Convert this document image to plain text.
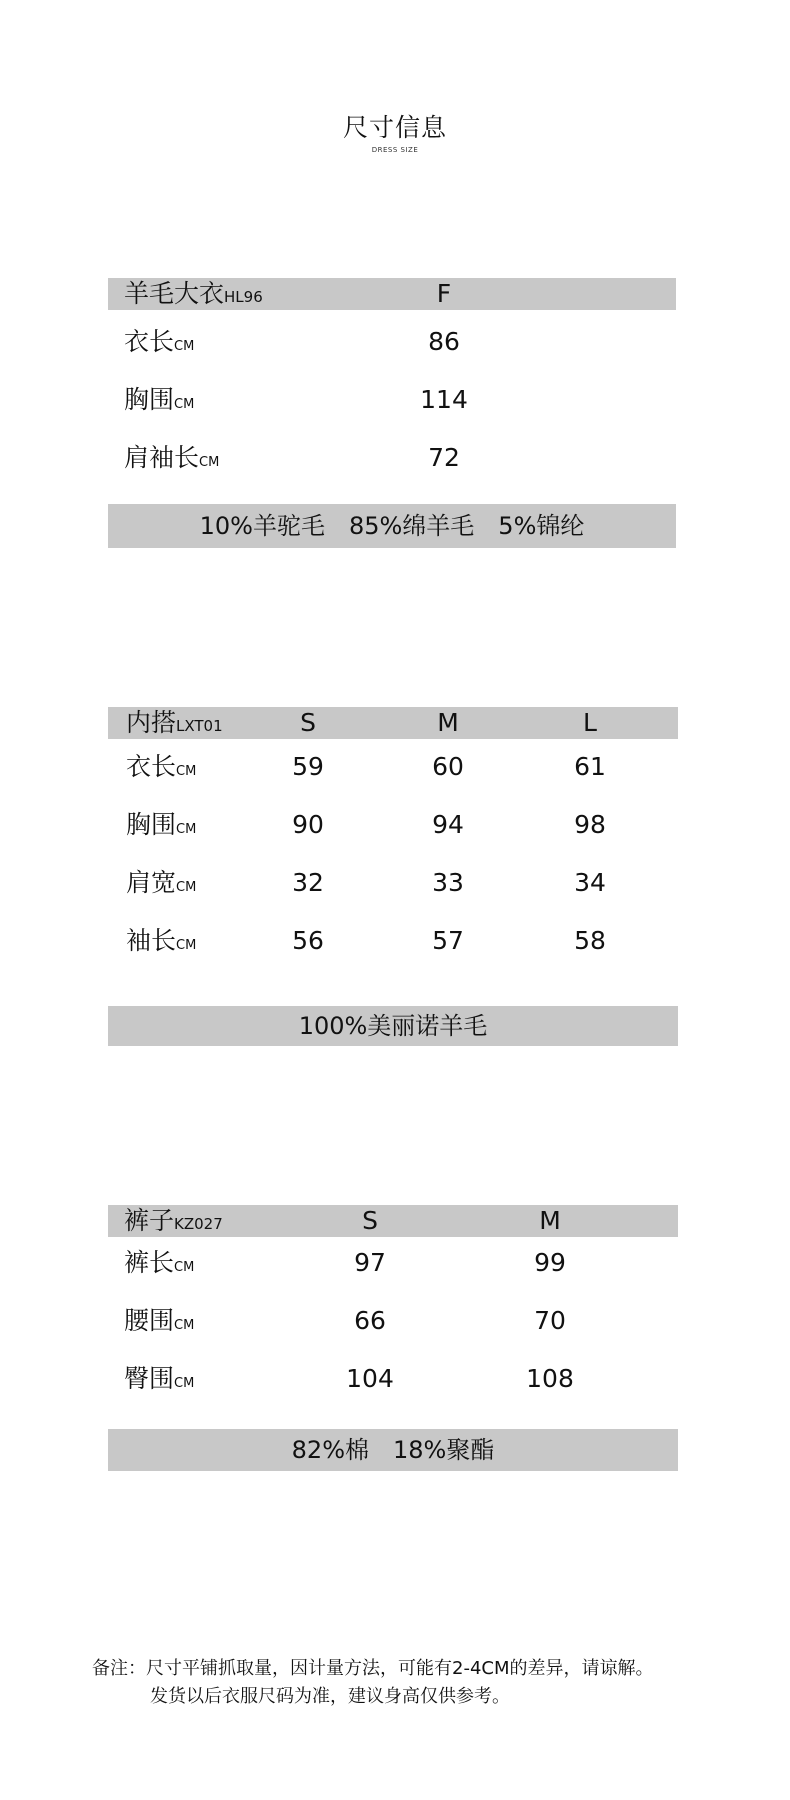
尺寸信息
DRESS SIZE
羊毛大衣HL96	F
衣长CM	86
胸围CM	114
肩袖长CM	72
10%羊驼毛　85%绵羊毛　5%锦纶
内搭LXT01	S	M	L
衣长CM	59	60	61
胸围CM	90	94	98
肩宽CM	32	33	34
袖长CM	56	57	58
100%美丽诺羊毛
裤子KZ027	S	M
裤长CM	97	99
腰围CM	66	70
臀围CM	104	108
82%棉　18%聚酯
备注：尺寸平铺抓取量，因计量方法，可能有2-4CM的差异，请谅解。
发货以后衣服尺码为准，建议身高仅供参考。
